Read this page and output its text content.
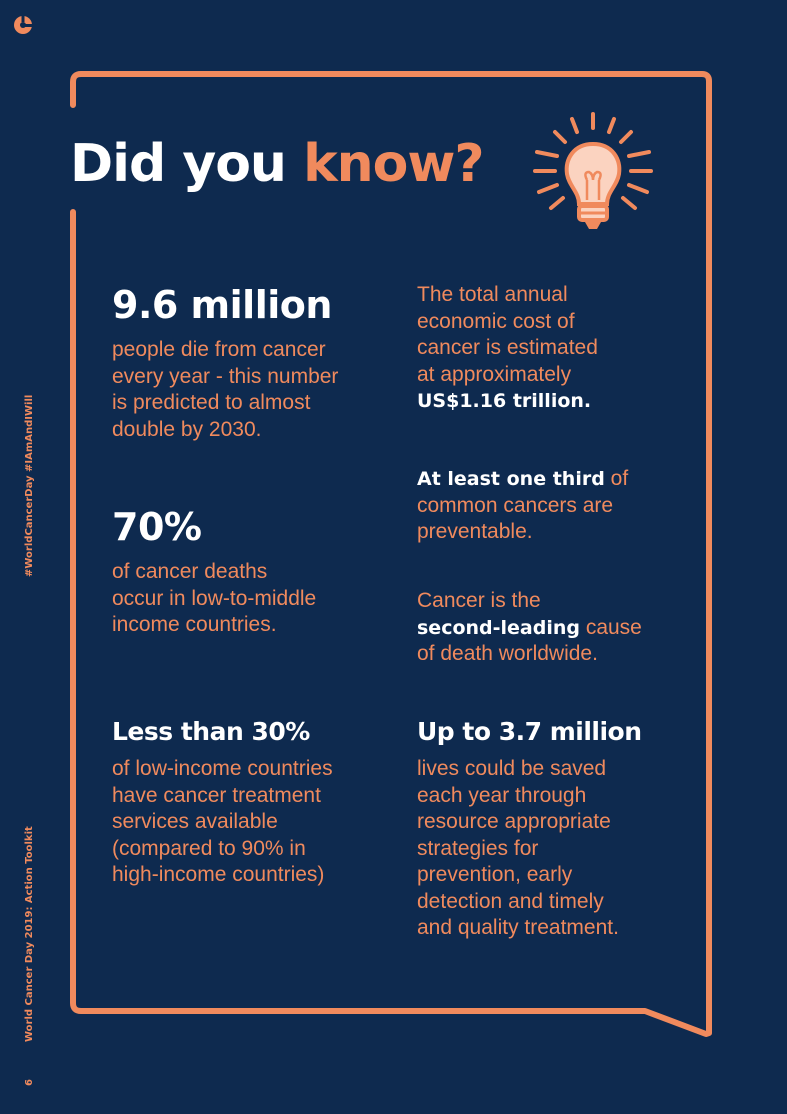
#WorldCancerDay #IAmAndIWill
World Cancer Day 2019: Action Toolkit
6
Did you know?
9.6 million
people die from cancer
every year - this number
is predicted to almost
double by 2030.
70%
of cancer deaths
occur in low-to-middle
income countries.
Less than 30%
of low-income countries
have cancer treatment
services available
(compared to 90% in
high-income countries)
The total annual
economic cost of
cancer is estimated
at approximately
US$1.16 trillion.
At least one third of
common cancers are
preventable.
Cancer is the
second-leading cause
of death worldwide.
Up to 3.7 million
lives could be saved
each year through
resource appropriate
strategies for
prevention, early
detection and timely
and quality treatment.
